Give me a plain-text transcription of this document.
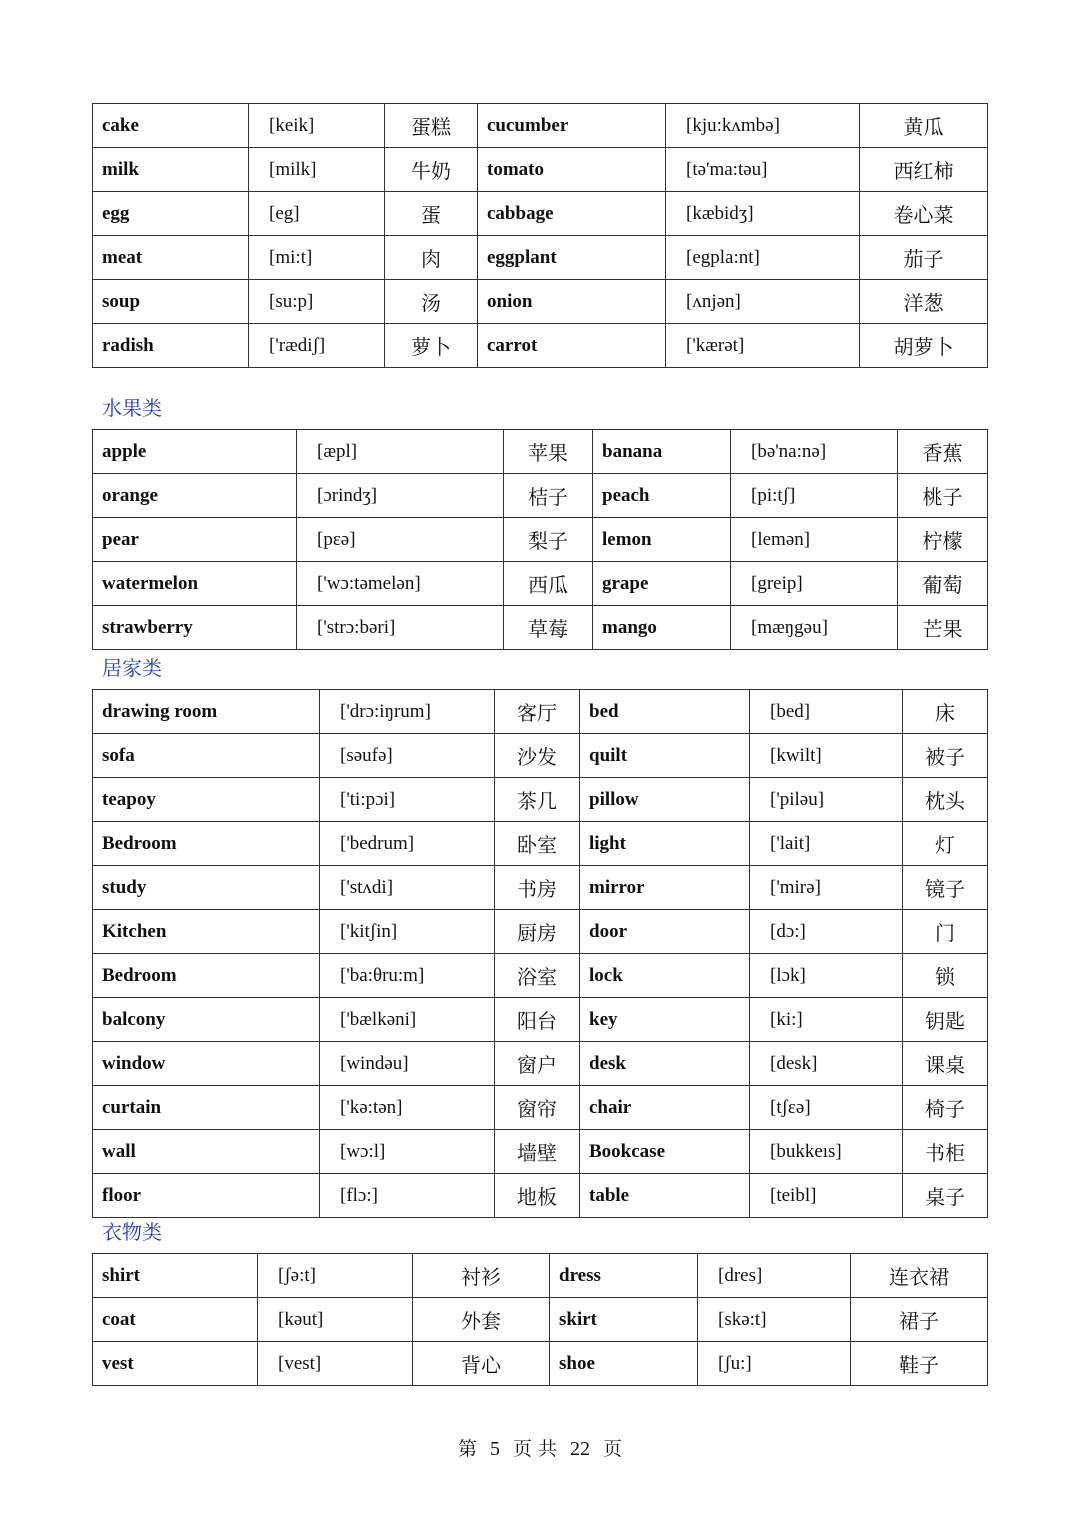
cake	[keik]	蛋糕	cucumber	[kju:kʌmbə]	黄瓜
milk	[milk]	牛奶	tomato	[tə'ma:təu]	西红柿
egg	[eg]	蛋	cabbage	[kæbidʒ]	卷心菜
meat	[mi:t]	肉	eggplant	[egpla:nt]	茄子
soup	[su:p]	汤	onion	[ʌnjən]	洋葱
radish	['rædiʃ]	萝卜	carrot	['kærət]	胡萝卜
水果类
apple	[æpl]	苹果	banana	[bə'na:nə]	香蕉
orange	[ɔrindʒ]	桔子	peach	[pi:tʃ]	桃子
pear	[pɛə]	梨子	lemon	[lemən]	柠檬
watermelon	['wɔ:təmelən]	西瓜	grape	[greip]	葡萄
strawberry	['strɔ:bəri]	草莓	mango	[mæŋgəu]	芒果
居家类
drawing room	['drɔ:iŋrum]	客厅	bed	[bed]	床
sofa	[səufə]	沙发	quilt	[kwilt]	被子
teapoy	['ti:pɔi]	茶几	pillow	['piləu]	枕头
Bedroom	['bedrum]	卧室	light	['lait]	灯
study	['stʌdi]	书房	mirror	['mirə]	镜子
Kitchen	['kitʃin]	厨房	door	[dɔ:]	门
Bedroom	['ba:θru:m]	浴室	lock	[lɔk]	锁
balcony	['bælkəni]	阳台	key	[ki:]	钥匙
window	[windəu]	窗户	desk	[desk]	课桌
curtain	['kə:tən]	窗帘	chair	[tʃɛə]	椅子
wall	[wɔ:l]	墙壁	Bookcase	[bukkeıs]	书柜
floor	[flɔ:]	地板	table	[teibl]	桌子
衣物类
shirt	[ʃə:t]	衬衫	dress	[dres]	连衣裙
coat	[kəut]	外套	skirt	[skə:t]	裙子
vest	[vest]	背心	shoe	[ʃu:]	鞋子
第 5 页 共 22 页
